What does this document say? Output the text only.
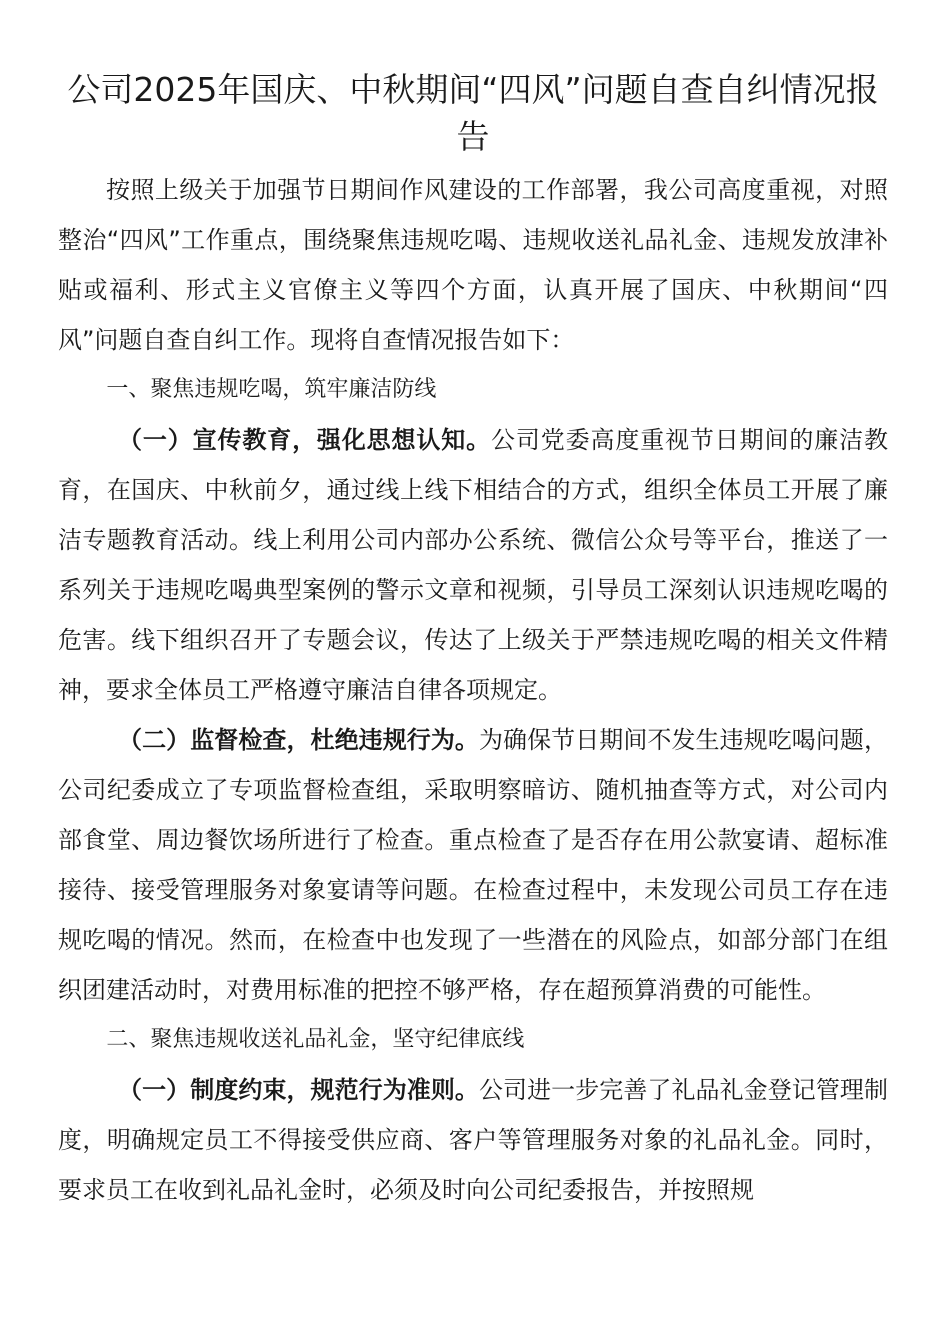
公司2025年国庆、中秋期间“四风”问题自查自纠情况报告

按照上级关于加强节日期间作风建设的工作部署，我公司高度重视，对照整治“四风”工作重点，围绕聚焦违规吃喝、违规收送礼品礼金、违规发放津补贴或福利、形式主义官僚主义等四个方面，认真开展了国庆、中秋期间“四风”问题自查自纠工作。现将自查情况报告如下：

一、聚焦违规吃喝，筑牢廉洁防线

（一）宣传教育，强化思想认知。公司党委高度重视节日期间的廉洁教育，在国庆、中秋前夕，通过线上线下相结合的方式，组织全体员工开展了廉洁专题教育活动。线上利用公司内部办公系统、微信公众号等平台，推送了一系列关于违规吃喝典型案例的警示文章和视频，引导员工深刻认识违规吃喝的危害。线下组织召开了专题会议，传达了上级关于严禁违规吃喝的相关文件精神，要求全体员工严格遵守廉洁自律各项规定。

（二）监督检查，杜绝违规行为。为确保节日期间不发生违规吃喝问题，公司纪委成立了专项监督检查组，采取明察暗访、随机抽查等方式，对公司内部食堂、周边餐饮场所进行了检查。重点检查了是否存在用公款宴请、超标准接待、接受管理服务对象宴请等问题。在检查过程中，未发现公司员工存在违规吃喝的情况。然而，在检查中也发现了一些潜在的风险点，如部分部门在组织团建活动时，对费用标准的把控不够严格，存在超预算消费的可能性。

二、聚焦违规收送礼品礼金，坚守纪律底线

（一）制度约束，规范行为准则。公司进一步完善了礼品礼金登记管理制度，明确规定员工不得接受供应商、客户等管理服务对象的礼品礼金。同时，要求员工在收到礼品礼金时，必须及时向公司纪委报告，并按照规
